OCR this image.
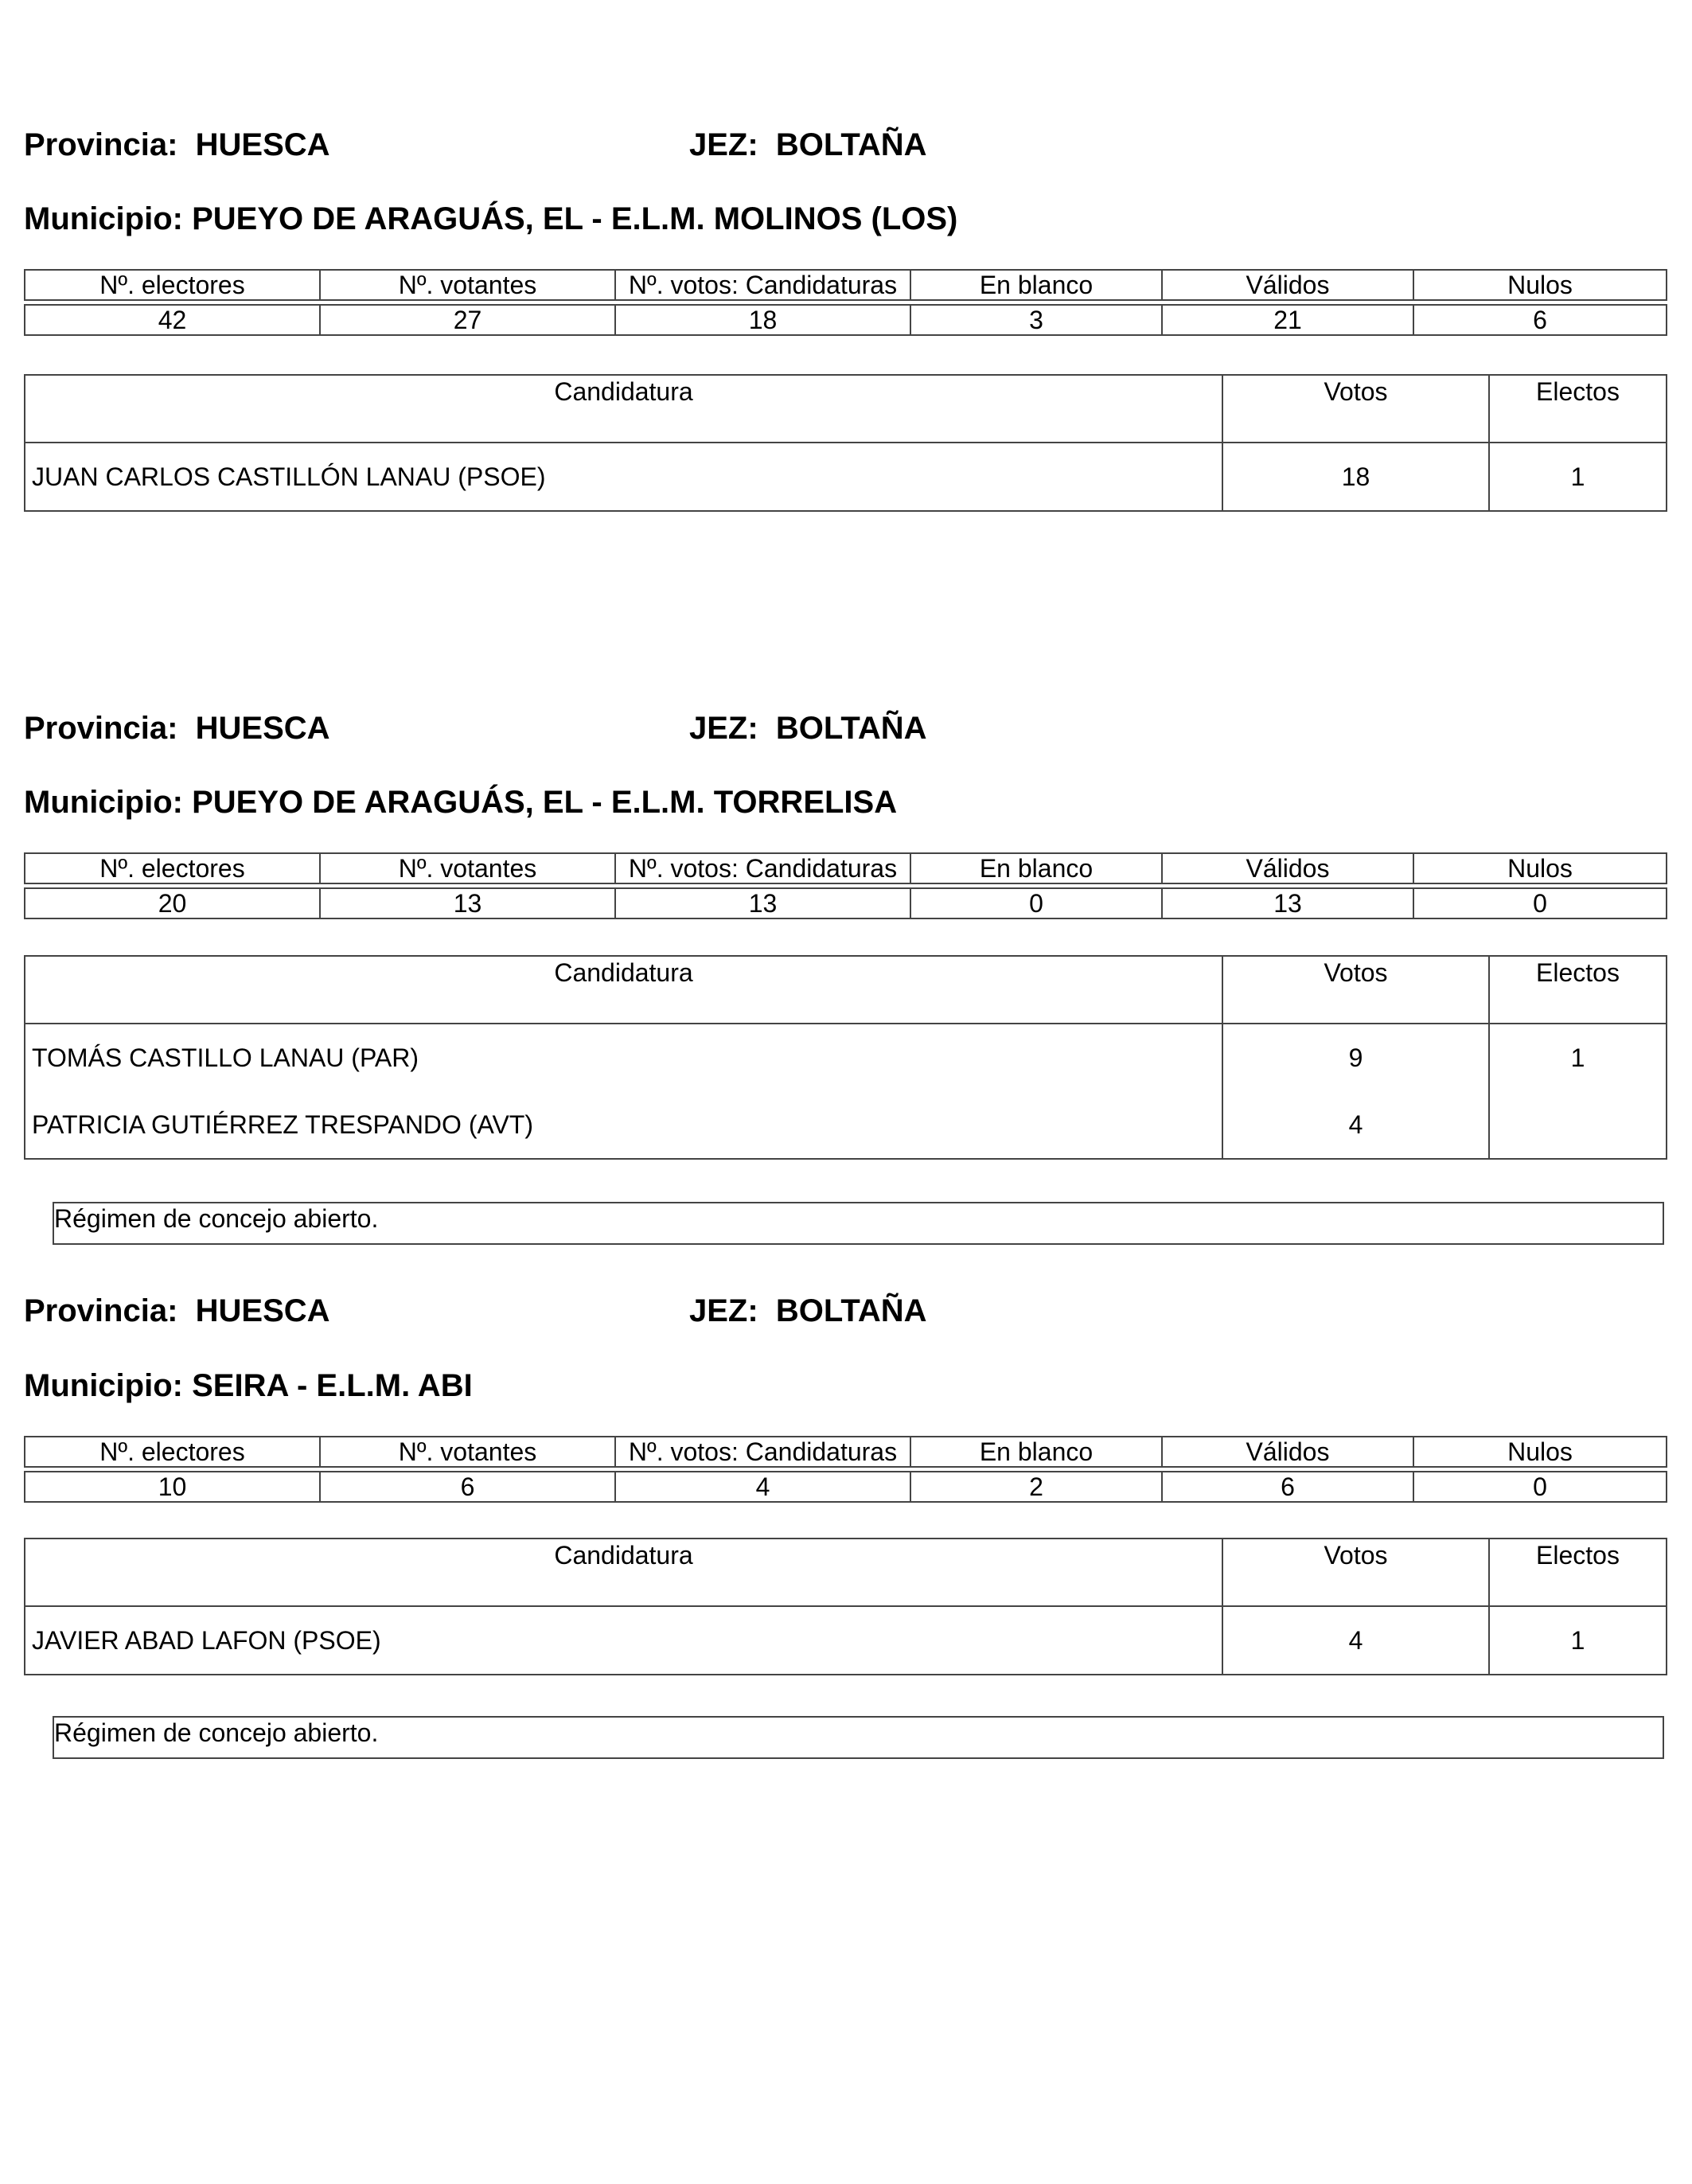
Provincia: HUESCA	JEZ: BOLTAÑA
Municipio: PUEYO DE ARAGUÁS, EL - E.L.M. MOLINOS (LOS)
Nº. electores	Nº. votantes	Nº. votos: Candidaturas	En blanco	Válidos	Nulos

42	27	18	3	21	6
Candidatura	Votos	Electos
JUAN CARLOS CASTILLÓN LANAU (PSOE)	18	1
Provincia: HUESCA	JEZ: BOLTAÑA
Municipio: PUEYO DE ARAGUÁS, EL - E.L.M. TORRELISA
Nº. electores	Nº. votantes	Nº. votos: Candidaturas	En blanco	Válidos	Nulos

20	13	13	0	13	0
Candidatura	Votos	Electos
TOMÁS CASTILLO LANAU (PAR)	9	1
PATRICIA GUTIÉRREZ TRESPANDO (AVT)	4	
Régimen de concejo abierto.
Provincia: HUESCA	JEZ: BOLTAÑA
Municipio: SEIRA - E.L.M. ABI
Nº. electores	Nº. votantes	Nº. votos: Candidaturas	En blanco	Válidos	Nulos

10	6	4	2	6	0
Candidatura	Votos	Electos
JAVIER ABAD LAFON (PSOE)	4	1
Régimen de concejo abierto.
